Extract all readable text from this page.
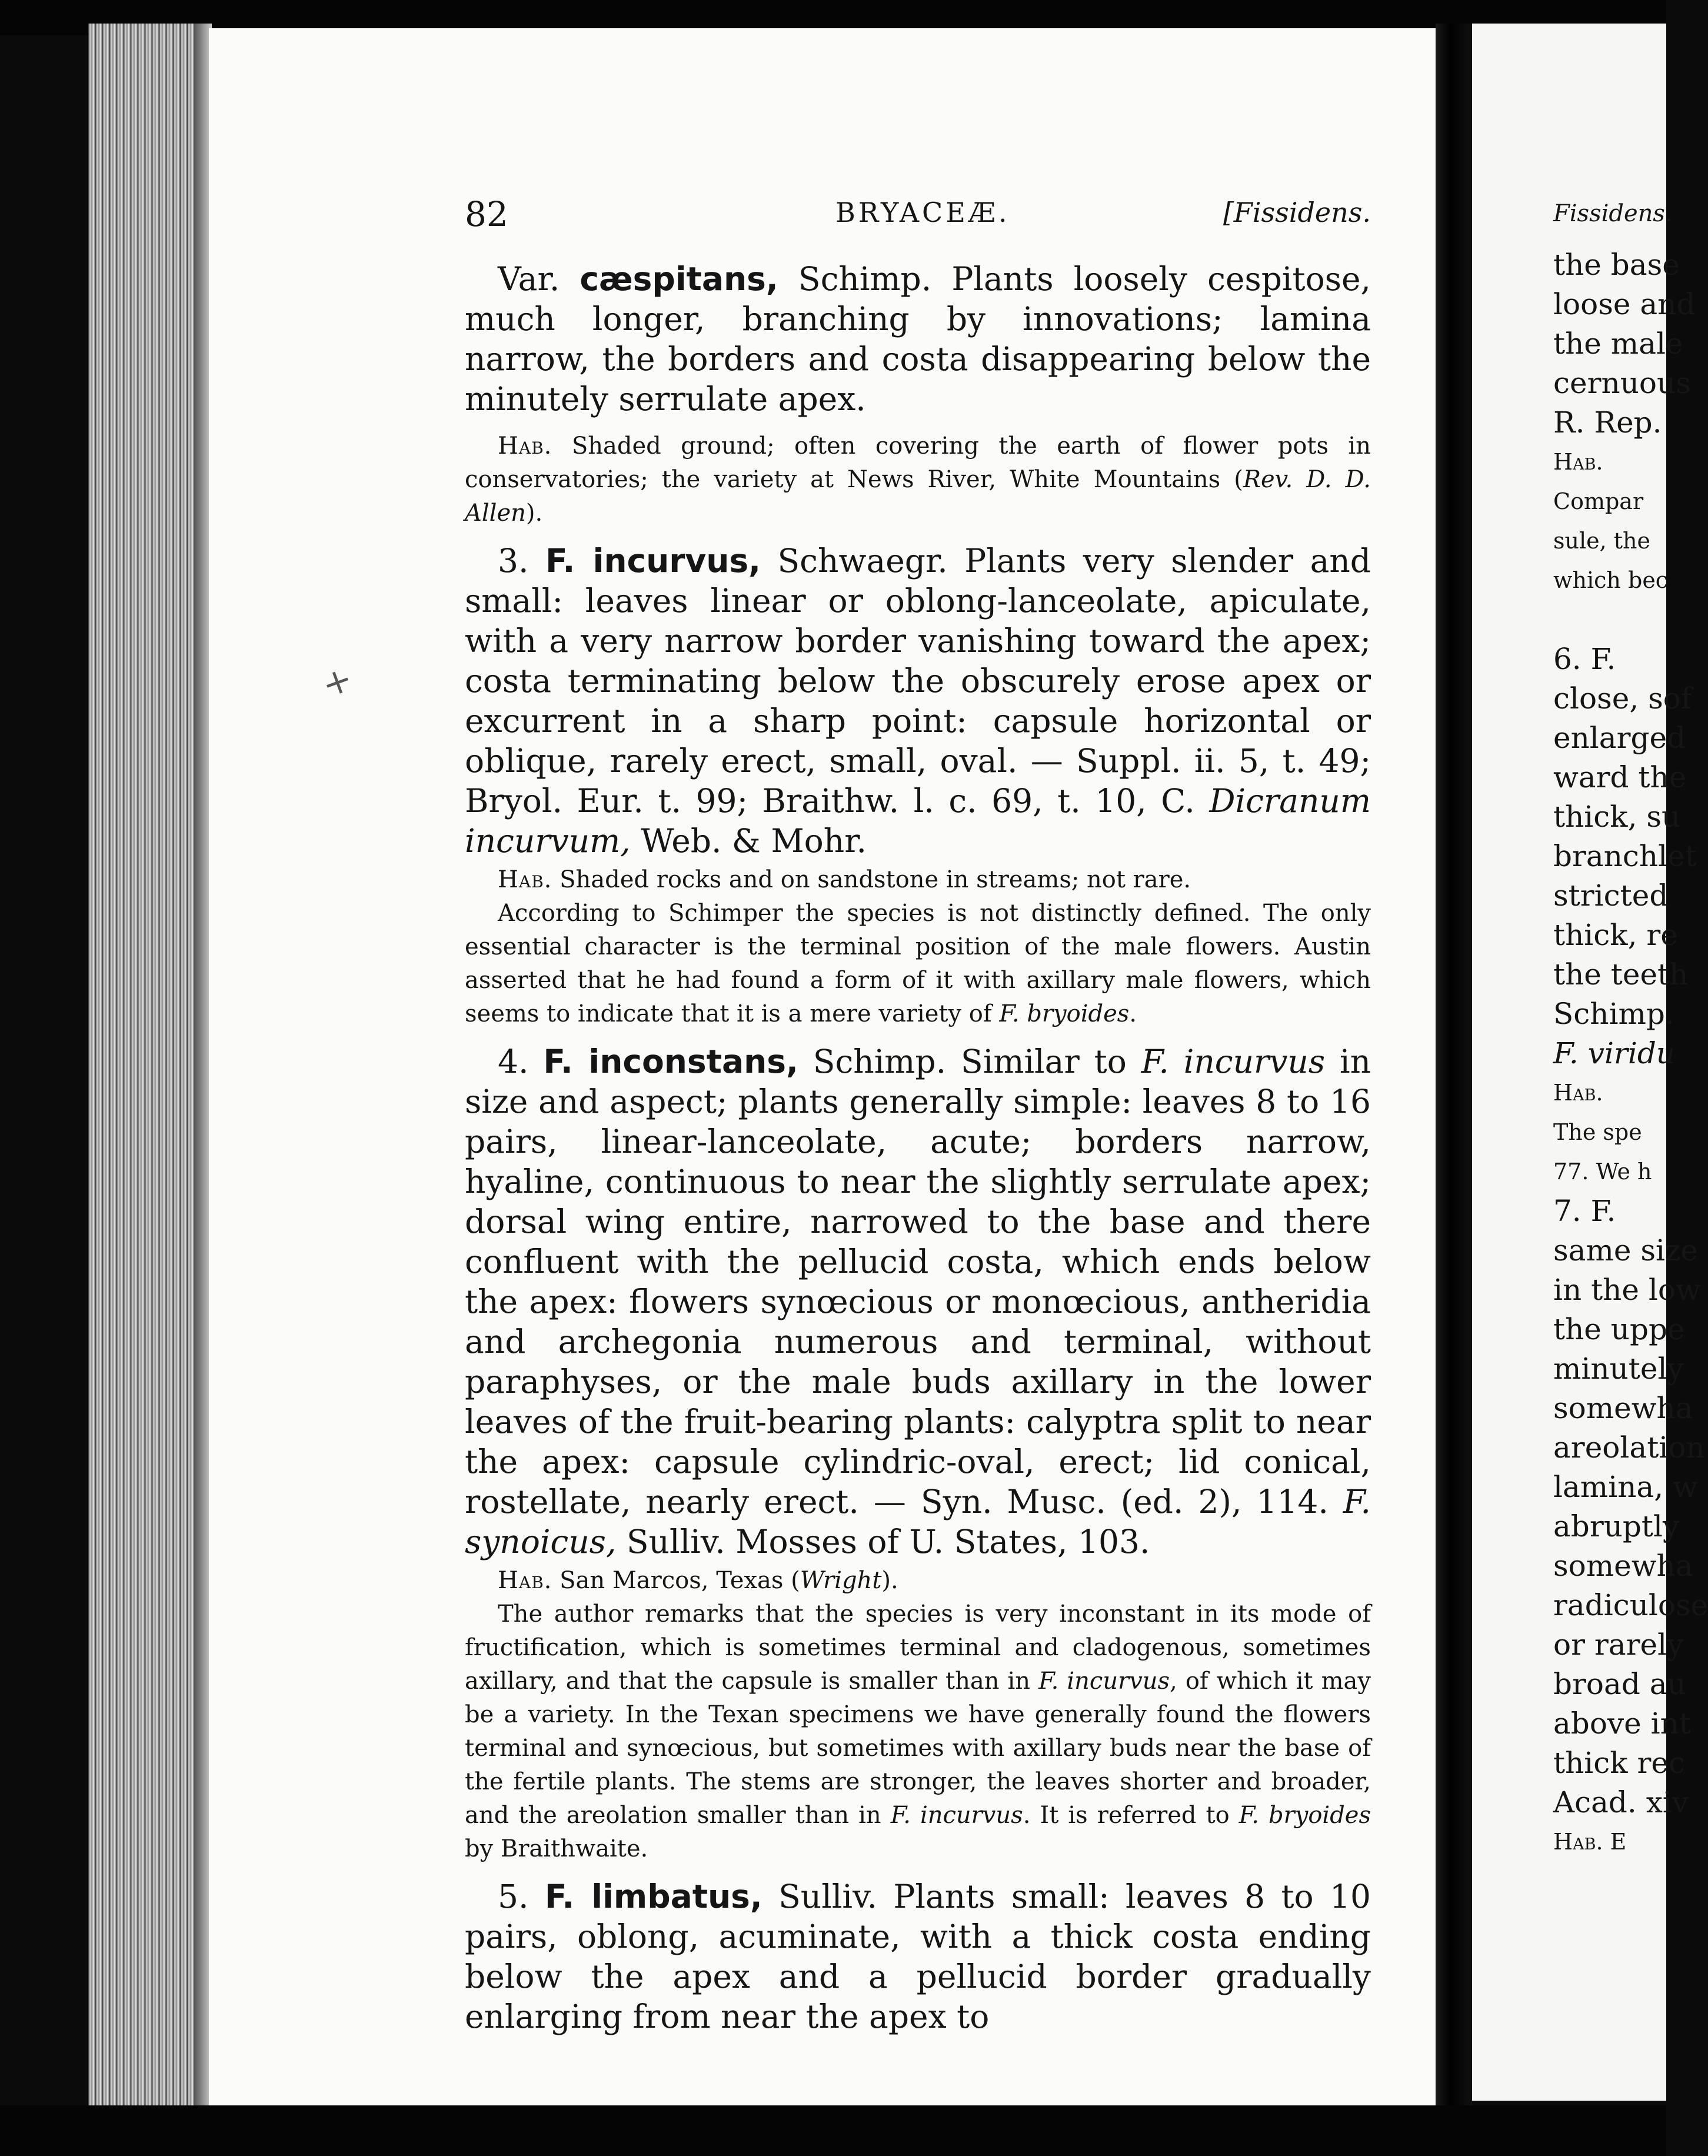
+
82	BRYACEÆ.	[Fissidens.

Var. cæspitans, Schimp. Plants loosely cespitose, much longer, branching by innovations; lamina narrow, the borders and costa disappearing below the minutely serrulate apex.

Hab. Shaded ground; often covering the earth of flower pots in conservatories; the variety at News River, White Mountains (Rev. D. D. Allen).

3. F. incurvus, Schwaegr. Plants very slender and small: leaves linear or oblong-lanceolate, apiculate, with a very narrow border vanishing toward the apex; costa terminating below the obscurely erose apex or excurrent in a sharp point: capsule horizontal or oblique, rarely erect, small, oval. — Suppl. ii. 5, t. 49; Bryol. Eur. t. 99; Braithw. l. c. 69, t. 10, C. Dicranum incurvum, Web. & Mohr.

Hab. Shaded rocks and on sandstone in streams; not rare.

According to Schimper the species is not distinctly defined. The only essential character is the terminal position of the male flowers. Austin asserted that he had found a form of it with axillary male flowers, which seems to indicate that it is a mere variety of F. bryoides.

4. F. inconstans, Schimp. Similar to F. incurvus in size and aspect; plants generally simple: leaves 8 to 16 pairs, linear-lanceolate, acute; borders narrow, hyaline, continuous to near the slightly serrulate apex; dorsal wing entire, narrowed to the base and there confluent with the pellucid costa, which ends below the apex: flowers synœcious or monœcious, antheridia and archegonia numerous and terminal, without paraphyses, or the male buds axillary in the lower leaves of the fruit-bearing plants: calyptra split to near the apex: capsule cylindric-oval, erect; lid conical, rostellate, nearly erect. — Syn. Musc. (ed. 2), 114. F. synoicus, Sulliv. Mosses of U. States, 103.

Hab. San Marcos, Texas (Wright).

The author remarks that the species is very inconstant in its mode of fructification, which is sometimes terminal and cladogenous, sometimes axillary, and that the capsule is smaller than in F. incurvus, of which it may be a variety. In the Texan specimens we have generally found the flowers terminal and synœcious, but sometimes with axillary buds near the base of the fertile plants. The stems are stronger, the leaves shorter and broader, and the areolation smaller than in F. incurvus. It is referred to F. bryoides by Braithwaite.

5. F. limbatus, Sulliv. Plants small: leaves 8 to 10 pairs, oblong, acuminate, with a thick costa ending below the apex and a pellucid border gradually enlarging from near the apex to

Fissidens.

the base

loose and

the male

cernuous

R. Rep.

Hab.

Compar

sule, the

which bec

6. F.

close, sof

enlarged

ward the

thick, su

branchlet

stricted

thick, re

the teeth

Schimp.

F. viridu

Hab.

The spe

77. We h

7. F.

same size

in the low

the uppe

minutely

somewha

areolation

lamina, w

abruptly

somewha

radiculose

or rarely

broad au

above int

thick rec

Acad. xiv

Hab. E
